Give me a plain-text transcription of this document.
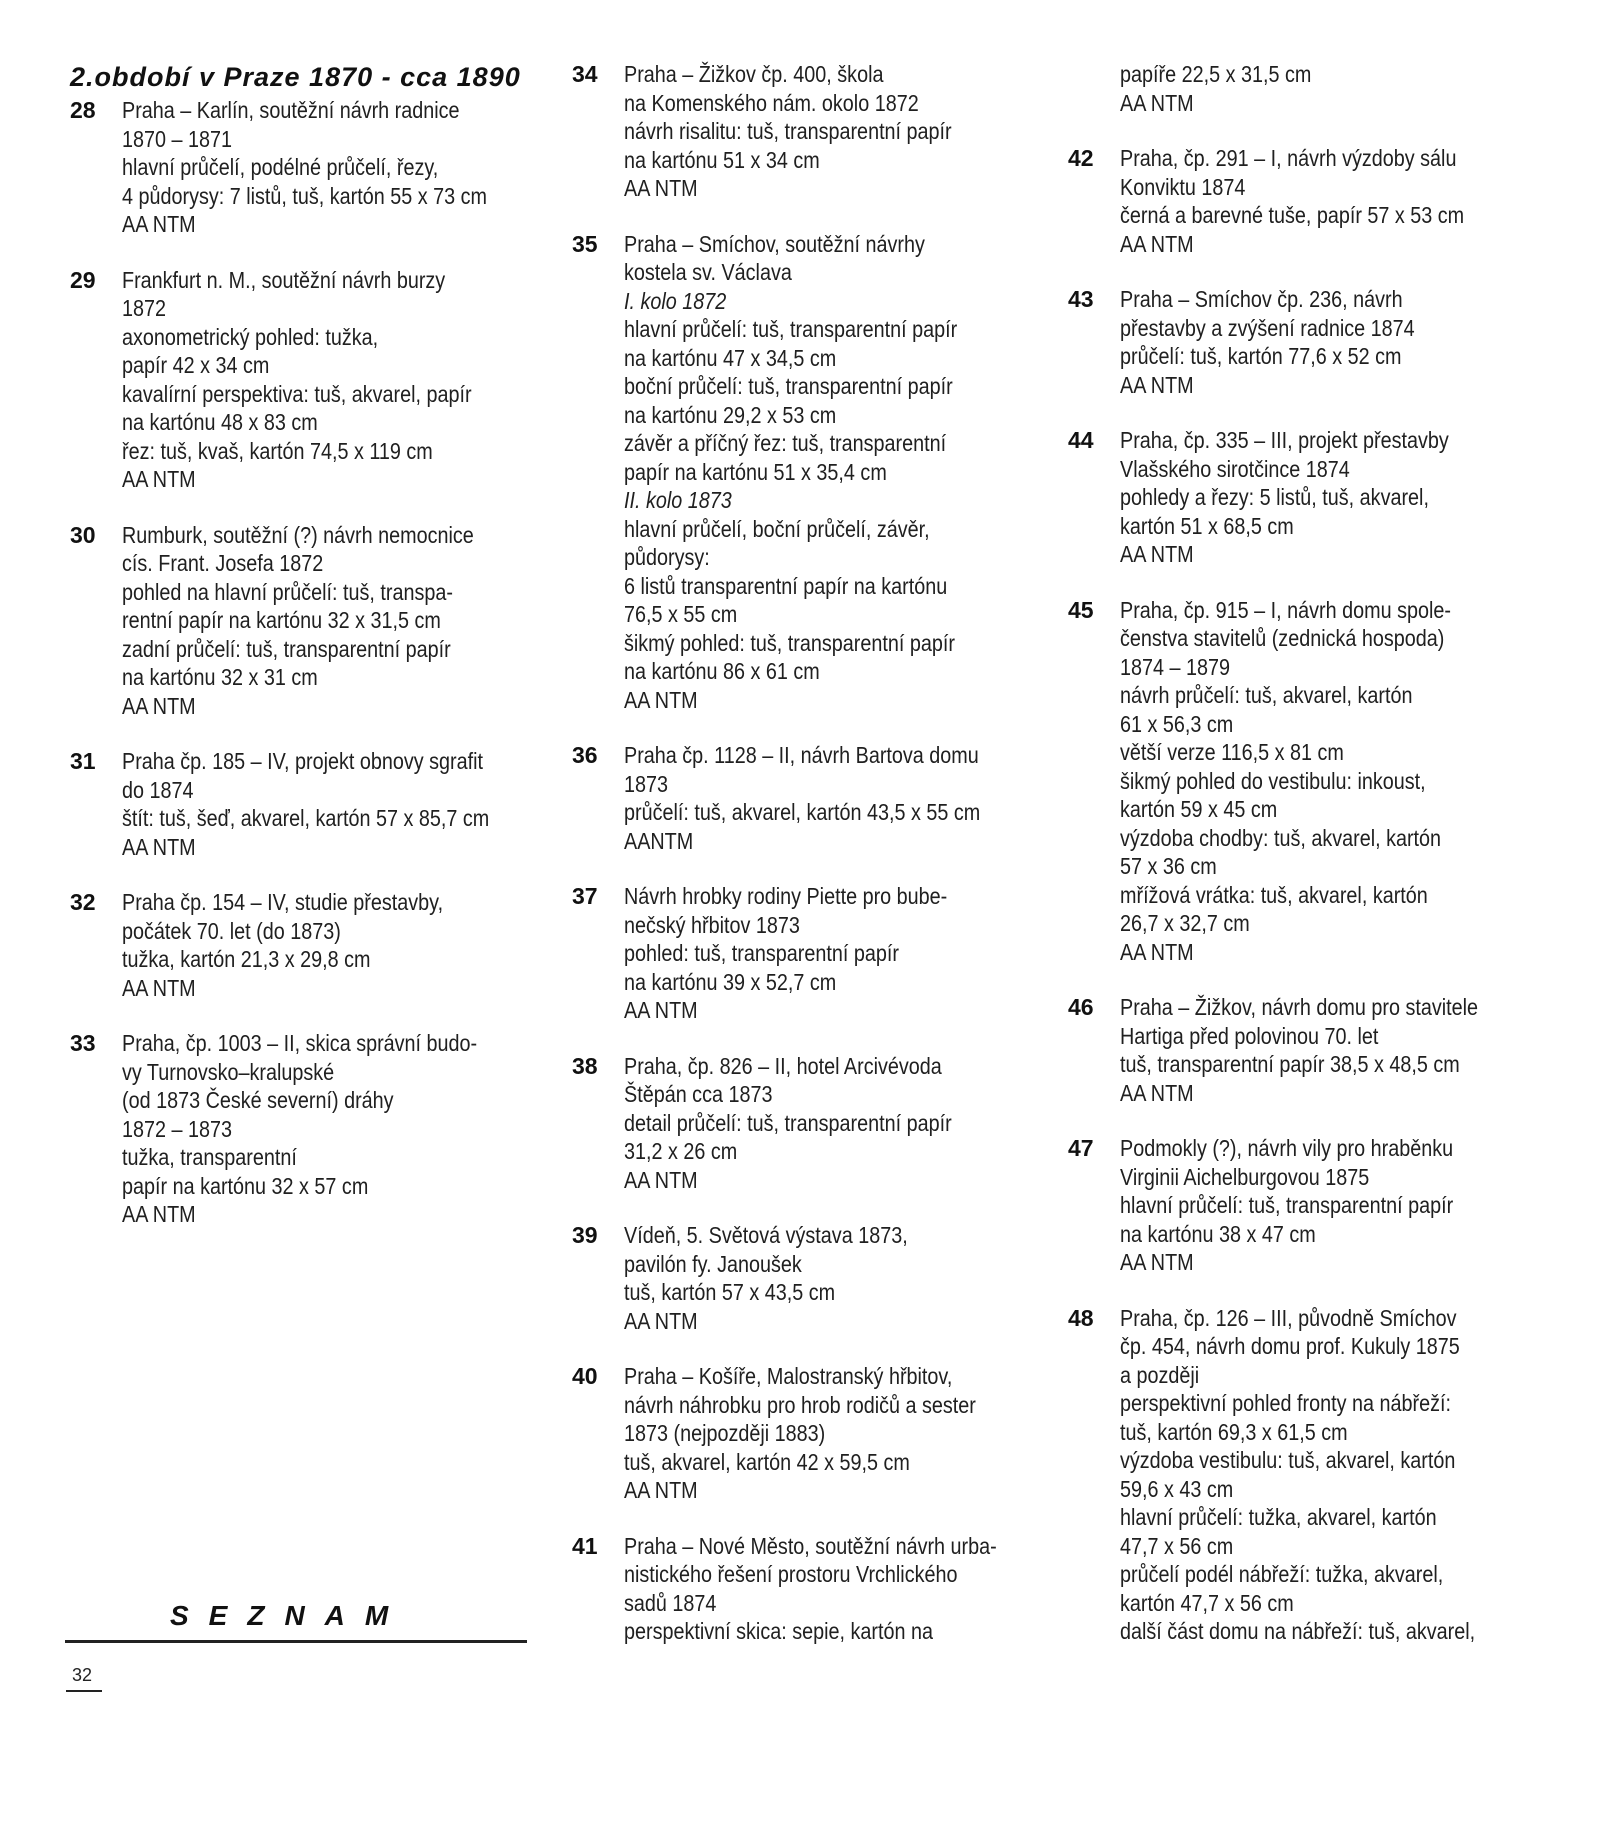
2.období v Praze 1870 - cca 1890
28	Praha – Karlín, soutěžní návrh radnice
1870 – 1871
hlavní průčelí, podélné průčelí, řezy,
4 půdorysy: 7 listů, tuš, kartón 55 x 73 cm
AA NTM
29	Frankfurt n. M., soutěžní návrh burzy
1872
axonometrický pohled: tužka,
papír 42 x 34 cm
kavalírní perspektiva: tuš, akvarel, papír
na kartónu 48 x 83 cm
řez: tuš, kvaš, kartón 74,5 x 119 cm
AA NTM
30	Rumburk, soutěžní (?) návrh nemocnice
cís. Frant. Josefa 1872
pohled na hlavní průčelí: tuš, transpa-
rentní papír na kartónu 32 x 31,5 cm
zadní průčelí: tuš, transparentní papír
na kartónu 32 x 31 cm
AA NTM
31	Praha čp. 185 – IV, projekt obnovy sgrafit
do 1874
štít: tuš, šeď, akvarel, kartón 57 x 85,7 cm
AA NTM
32	Praha čp. 154 – IV, studie přestavby,
počátek 70. let (do 1873)
tužka, kartón 21,3 x 29,8 cm
AA NTM
33	Praha, čp. 1003 – II, skica správní budo-
vy Turnovsko–kralupské
(od 1873 České severní) dráhy
1872 – 1873
tužka, transparentní
papír na kartónu 32 x 57 cm
AA NTM
34	Praha – Žižkov čp. 400, škola
na Komenského nám. okolo 1872
návrh risalitu: tuš, transparentní papír
na kartónu 51 x 34 cm
AA NTM
35	Praha – Smíchov, soutěžní návrhy
kostela sv. Václava
I. kolo 1872
hlavní průčelí: tuš, transparentní papír
na kartónu 47 x 34,5 cm
boční průčelí: tuš, transparentní papír
na kartónu 29,2 x 53 cm
závěr a příčný řez: tuš, transparentní
papír na kartónu 51 x 35,4 cm
II. kolo 1873
hlavní průčelí, boční průčelí, závěr,
půdorysy:
6 listů transparentní papír na kartónu
76,5 x 55 cm
šikmý pohled: tuš, transparentní papír
na kartónu 86 x 61 cm
AA NTM
36	Praha čp. 1128 – II, návrh Bartova domu
1873
průčelí: tuš, akvarel, kartón 43,5 x 55 cm
AANTM
37	Návrh hrobky rodiny Piette pro bube-
nečský hřbitov 1873
pohled: tuš, transparentní papír
na kartónu 39 x 52,7 cm
AA NTM
38	Praha, čp. 826 – II, hotel Arcivévoda
Štěpán cca 1873
detail průčelí: tuš, transparentní papír
31,2 x 26 cm
AA NTM
39	Vídeň, 5. Světová výstava 1873,
pavilón fy. Janoušek
tuš, kartón 57 x 43,5 cm
AA NTM
40	Praha – Košíře, Malostranský hřbitov,
návrh náhrobku pro hrob rodičů a sester
1873 (nejpozději 1883)
tuš, akvarel, kartón 42 x 59,5 cm
AA NTM
41	Praha – Nové Město, soutěžní návrh urba-
nistického řešení prostoru Vrchlického
sadů 1874
perspektivní skica: sepie, kartón na
papíře 22,5 x 31,5 cm
AA NTM
42	Praha, čp. 291 – I, návrh výzdoby sálu
Konviktu 1874
černá a barevné tuše, papír 57 x 53 cm
AA NTM
43	Praha – Smíchov čp. 236, návrh
přestavby a zvýšení radnice 1874
průčelí: tuš, kartón 77,6 x 52 cm
AA NTM
44	Praha, čp. 335 – III, projekt přestavby
Vlašského sirotčince 1874
pohledy a řezy: 5 listů, tuš, akvarel,
kartón 51 x 68,5 cm
AA NTM
45	Praha, čp. 915 – I, návrh domu spole-
čenstva stavitelů (zednická hospoda)
1874 – 1879
návrh průčelí: tuš, akvarel, kartón
61 x 56,3 cm
větší verze 116,5 x 81 cm
šikmý pohled do vestibulu: inkoust,
kartón 59 x 45 cm
výzdoba chodby: tuš, akvarel, kartón
57 x 36 cm
mřížová vrátka: tuš, akvarel, kartón
26,7 x 32,7 cm
AA NTM
46	Praha – Žižkov, návrh domu pro stavitele
Hartiga před polovinou 70. let
tuš, transparentní papír 38,5 x 48,5 cm
AA NTM
47	Podmokly (?), návrh vily pro hraběnku
Virginii Aichelburgovou 1875
hlavní průčelí: tuš, transparentní papír
na kartónu 38 x 47 cm
AA NTM
48	Praha, čp. 126 – III, původně Smíchov
čp. 454, návrh domu prof. Kukuly 1875
a později
perspektivní pohled fronty na nábřeží:
tuš, kartón 69,3 x 61,5 cm
výzdoba vestibulu: tuš, akvarel, kartón
59,6 x 43 cm
hlavní průčelí: tužka, akvarel, kartón
47,7 x 56 cm
průčelí podél nábřeží: tužka, akvarel,
kartón 47,7 x 56 cm
další část domu na nábřeží: tuš, akvarel,
SEZNAM
32
